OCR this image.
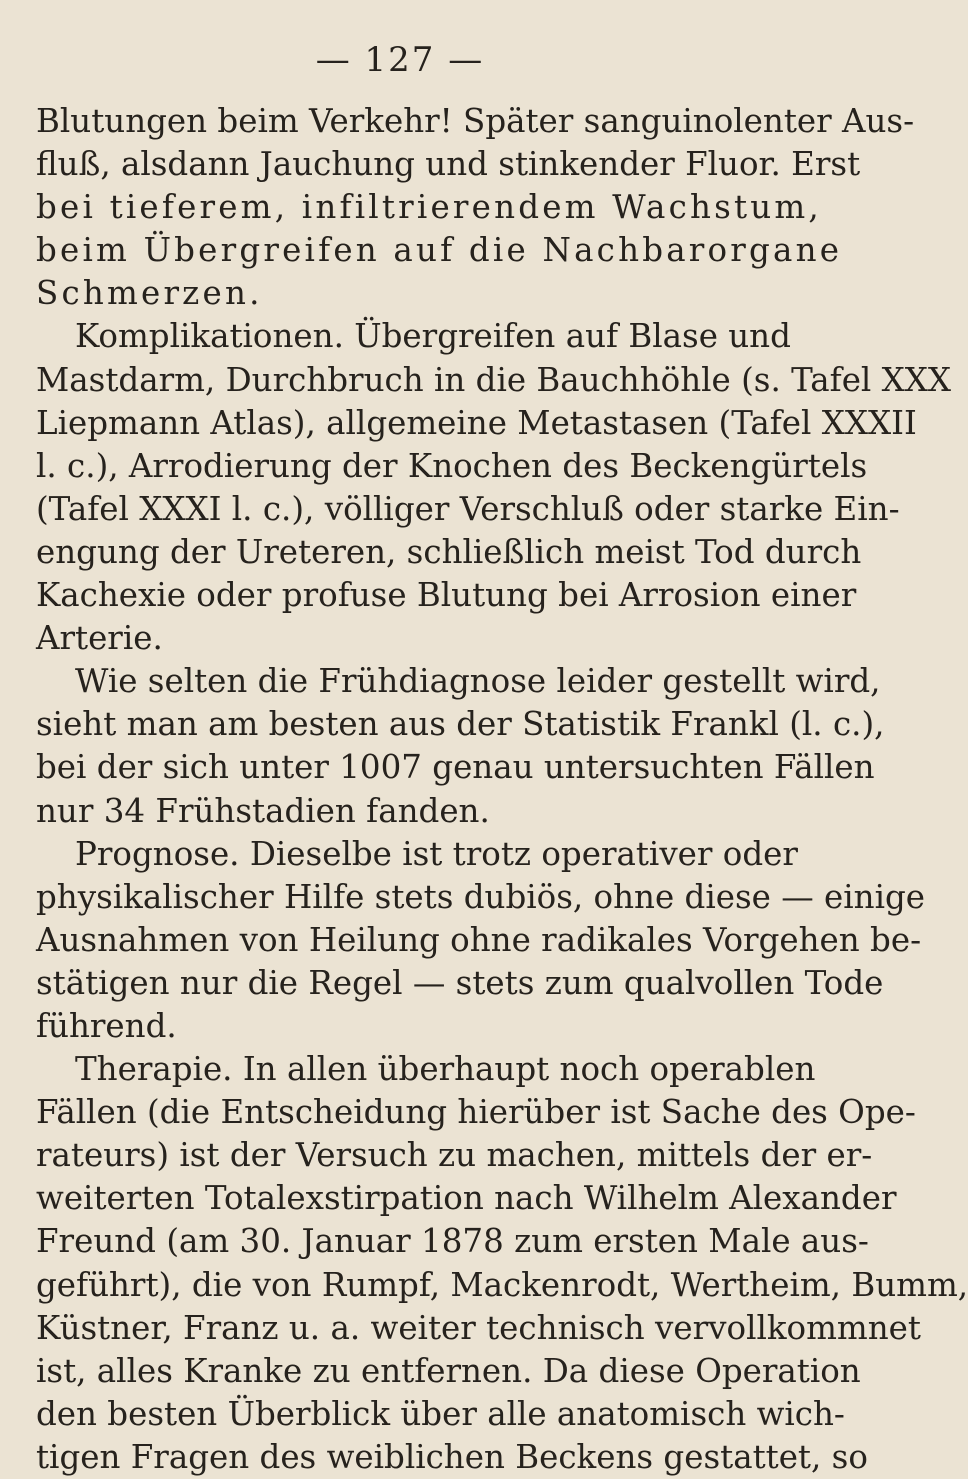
— 127 —
Blutungen beim Verkehr! Später sanguinolenter Aus-
fluß, alsdann Jauchung und stinkender Fluor. Erst
bei tieferem, infiltrierendem Wachstum,
beim Übergreifen auf die Nachbarorgane
Schmerzen.
Komplikationen. Übergreifen auf Blase und
Mastdarm, Durchbruch in die Bauchhöhle (s. Tafel XXX
Liepmann Atlas), allgemeine Metastasen (Tafel XXXII
l. c.), Arrodierung der Knochen des Beckengürtels
(Tafel XXXI l. c.), völliger Verschluß oder starke Ein-
engung der Ureteren, schließlich meist Tod durch
Kachexie oder profuse Blutung bei Arrosion einer
Arterie.
Wie selten die Frühdiagnose leider gestellt wird,
sieht man am besten aus der Statistik Frankl (l. c.),
bei der sich unter 1007 genau untersuchten Fällen
nur 34 Frühstadien fanden.
Prognose. Dieselbe ist trotz operativer oder
physikalischer Hilfe stets dubiös, ohne diese — einige
Ausnahmen von Heilung ohne radikales Vorgehen be-
stätigen nur die Regel — stets zum qualvollen Tode
führend.
Therapie. In allen überhaupt noch operablen
Fällen (die Entscheidung hierüber ist Sache des Ope-
rateurs) ist der Versuch zu machen, mittels der er-
weiterten Totalexstirpation nach Wilhelm Alexander
Freund (am 30. Januar 1878 zum ersten Male aus-
geführt), die von Rumpf, Mackenrodt, Wertheim, Bumm,
Küstner, Franz u. a. weiter technisch vervollkommnet
ist, alles Kranke zu entfernen. Da diese Operation
den besten Überblick über alle anatomisch wich-
tigen Fragen des weiblichen Beckens gestattet, so
